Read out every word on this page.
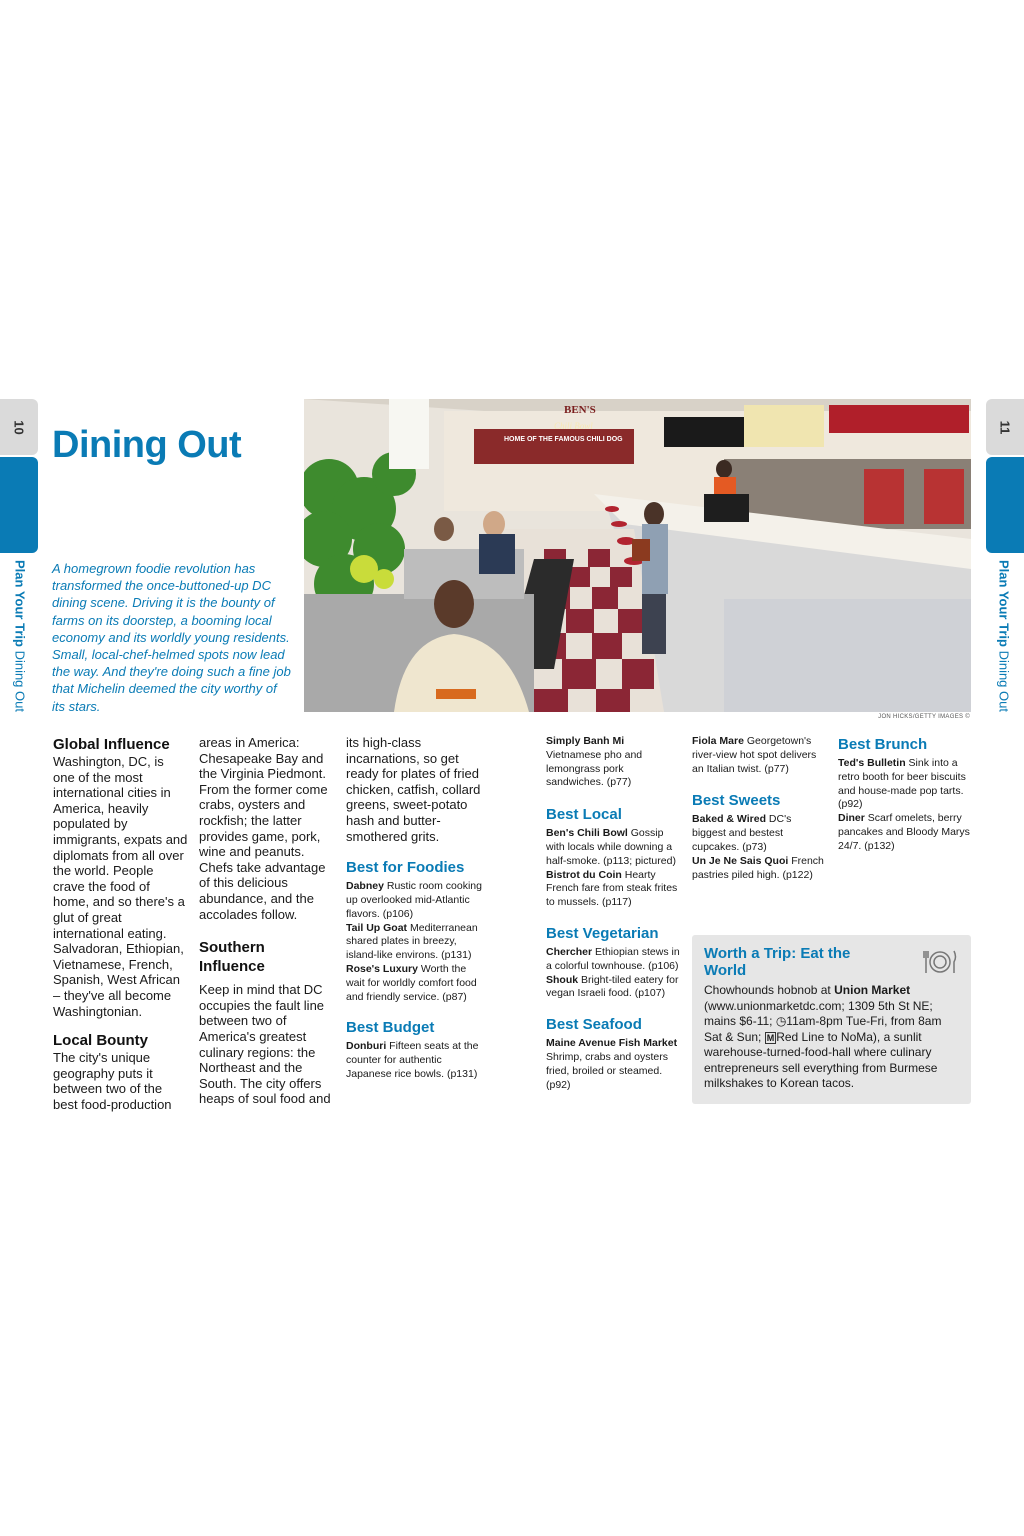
10
Plan Your Trip Dining Out
11
Plan Your Trip Dining Out
Dining Out

A homegrown foodie revolution has transformed the once-buttoned-up DC dining scene. Driving it is the bounty of farms on its doorstep, a booming local economy and its worldly young residents. Small, local-chef-helmed spots now lead the way. And they're doing such a fine job that Michelin deemed the city worthy of its stars.

BEN'S
Chili Bowl
HOME OF THE FAMOUS CHILI DOG
JON HICKS/GETTY IMAGES ©
Global Influence

Washington, DC, is one of the most international cities in America, heavily populated by immigrants, expats and diplomats from all over the world. People crave the food of home, and so there's a glut of great international eating. Salvadoran, Ethiopian, Vietnamese, French, Spanish, West African – they've all become Washingtonian.

Local Bounty

The city's unique geography puts it between two of the best food-production

areas in America: Chesapeake Bay and the Virginia Piedmont. From the former come crabs, oysters and rockfish; the latter provides game, pork, wine and peanuts. Chefs take advantage of this delicious abundance, and the accolades follow.

Southern Influence

Keep in mind that DC occupies the fault line between two of America's greatest culinary regions: the Northeast and the South. The city offers heaps of soul food and

its high-class incarnations, so get ready for plates of fried chicken, catfish, collard greens, sweet-potato hash and butter-smothered grits.

Best for Foodies

Dabney Rustic room cooking up overlooked mid-Atlantic flavors. (p106)

Tail Up Goat Mediterranean shared plates in breezy, island-like environs. (p131)

Rose's Luxury Worth the wait for worldly comfort food and friendly service. (p87)

Best Budget

Donburi Fifteen seats at the counter for authentic Japanese rice bowls. (p131)

Simply Banh Mi Vietnamese pho and lemongrass pork sandwiches. (p77)

Best Local

Ben's Chili Bowl Gossip with locals while downing a half-smoke. (p113; pictured)

Bistrot du Coin Hearty French fare from steak frites to mussels. (p117)

Best Vegetarian

Chercher Ethiopian stews in a colorful townhouse. (p106)

Shouk Bright-tiled eatery for vegan Israeli food. (p107)

Best Seafood

Maine Avenue Fish Market Shrimp, crabs and oysters fried, broiled or steamed. (p92)

Fiola Mare Georgetown's river-view hot spot delivers an Italian twist. (p77)

Best Sweets

Baked & Wired DC's biggest and bestest cupcakes. (p73)

Un Je Ne Sais Quoi French pastries piled high. (p122)

Best Brunch

Ted's Bulletin Sink into a retro booth for beer biscuits and house-made pop tarts. (p92)

Diner Scarf omelets, berry pancakes and Bloody Marys 24/7. (p132)

Worth a Trip: Eat the World

Chowhounds hobnob at Union Market (www.unionmarketdc.com; 1309 5th St NE; mains $6-11; ◷11am-8pm Tue-Fri, from 8am Sat & Sun; M Red Line to NoMa), a sunlit warehouse-turned-food-hall where culinary entrepreneurs sell everything from Burmese milkshakes to Korean tacos.
